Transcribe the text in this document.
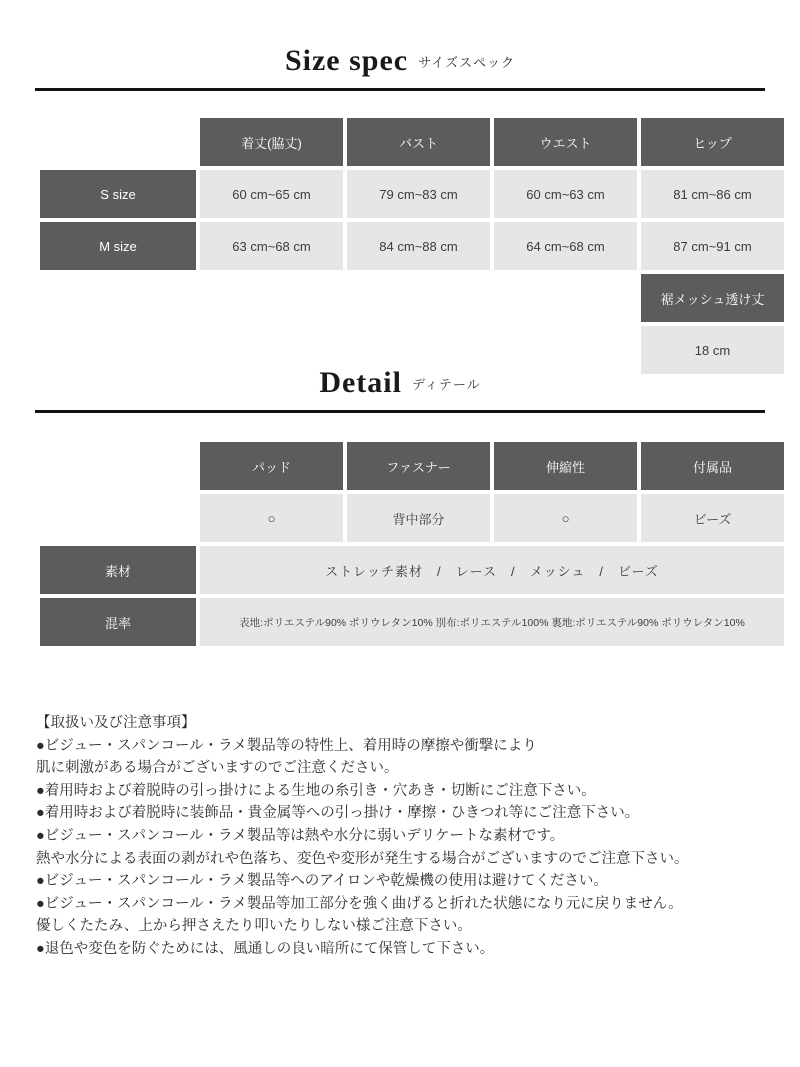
Size spec サイズスペック
	着丈(脇丈)	バスト	ウエスト	ヒップ
S size	60 cm~65 cm	79 cm~83 cm	60 cm~63 cm	81 cm~86 cm
M size	63 cm~68 cm	84 cm~88 cm	64 cm~68 cm	87 cm~91 cm
				裾メッシュ透け丈
				18 cm
Detail ディテール
	パッド	ファスナー	伸縮性	付属品
	○	背中部分	○	ビーズ
素材	ストレッチ素材　/　レース　/　メッシュ　/　ビーズ			
混率	表地:ポリエステル90% ポリウレタン10% 別布:ポリエステル100% 裏地:ポリエステル90% ポリウレタン10%			

【取扱い及び注意事項】

●ビジュー・スパンコール・ラメ製品等の特性上、着用時の摩擦や衝撃により

肌に刺激がある場合がございますのでご注意ください。

●着用時および着脱時の引っ掛けによる生地の糸引き・穴あき・切断にご注意下さい。

●着用時および着脱時に装飾品・貴金属等への引っ掛け・摩擦・ひきつれ等にご注意下さい。

●ビジュー・スパンコール・ラメ製品等は熱や水分に弱いデリケートな素材です。

熱や水分による表面の剥がれや色落ち、変色や変形が発生する場合がございますのでご注意下さい。

●ビジュー・スパンコール・ラメ製品等へのアイロンや乾燥機の使用は避けてください。

●ビジュー・スパンコール・ラメ製品等加工部分を強く曲げると折れた状態になり元に戻りません。

優しくたたみ、上から押さえたり叩いたりしない様ご注意下さい。

●退色や変色を防ぐためには、風通しの良い暗所にて保管して下さい。
